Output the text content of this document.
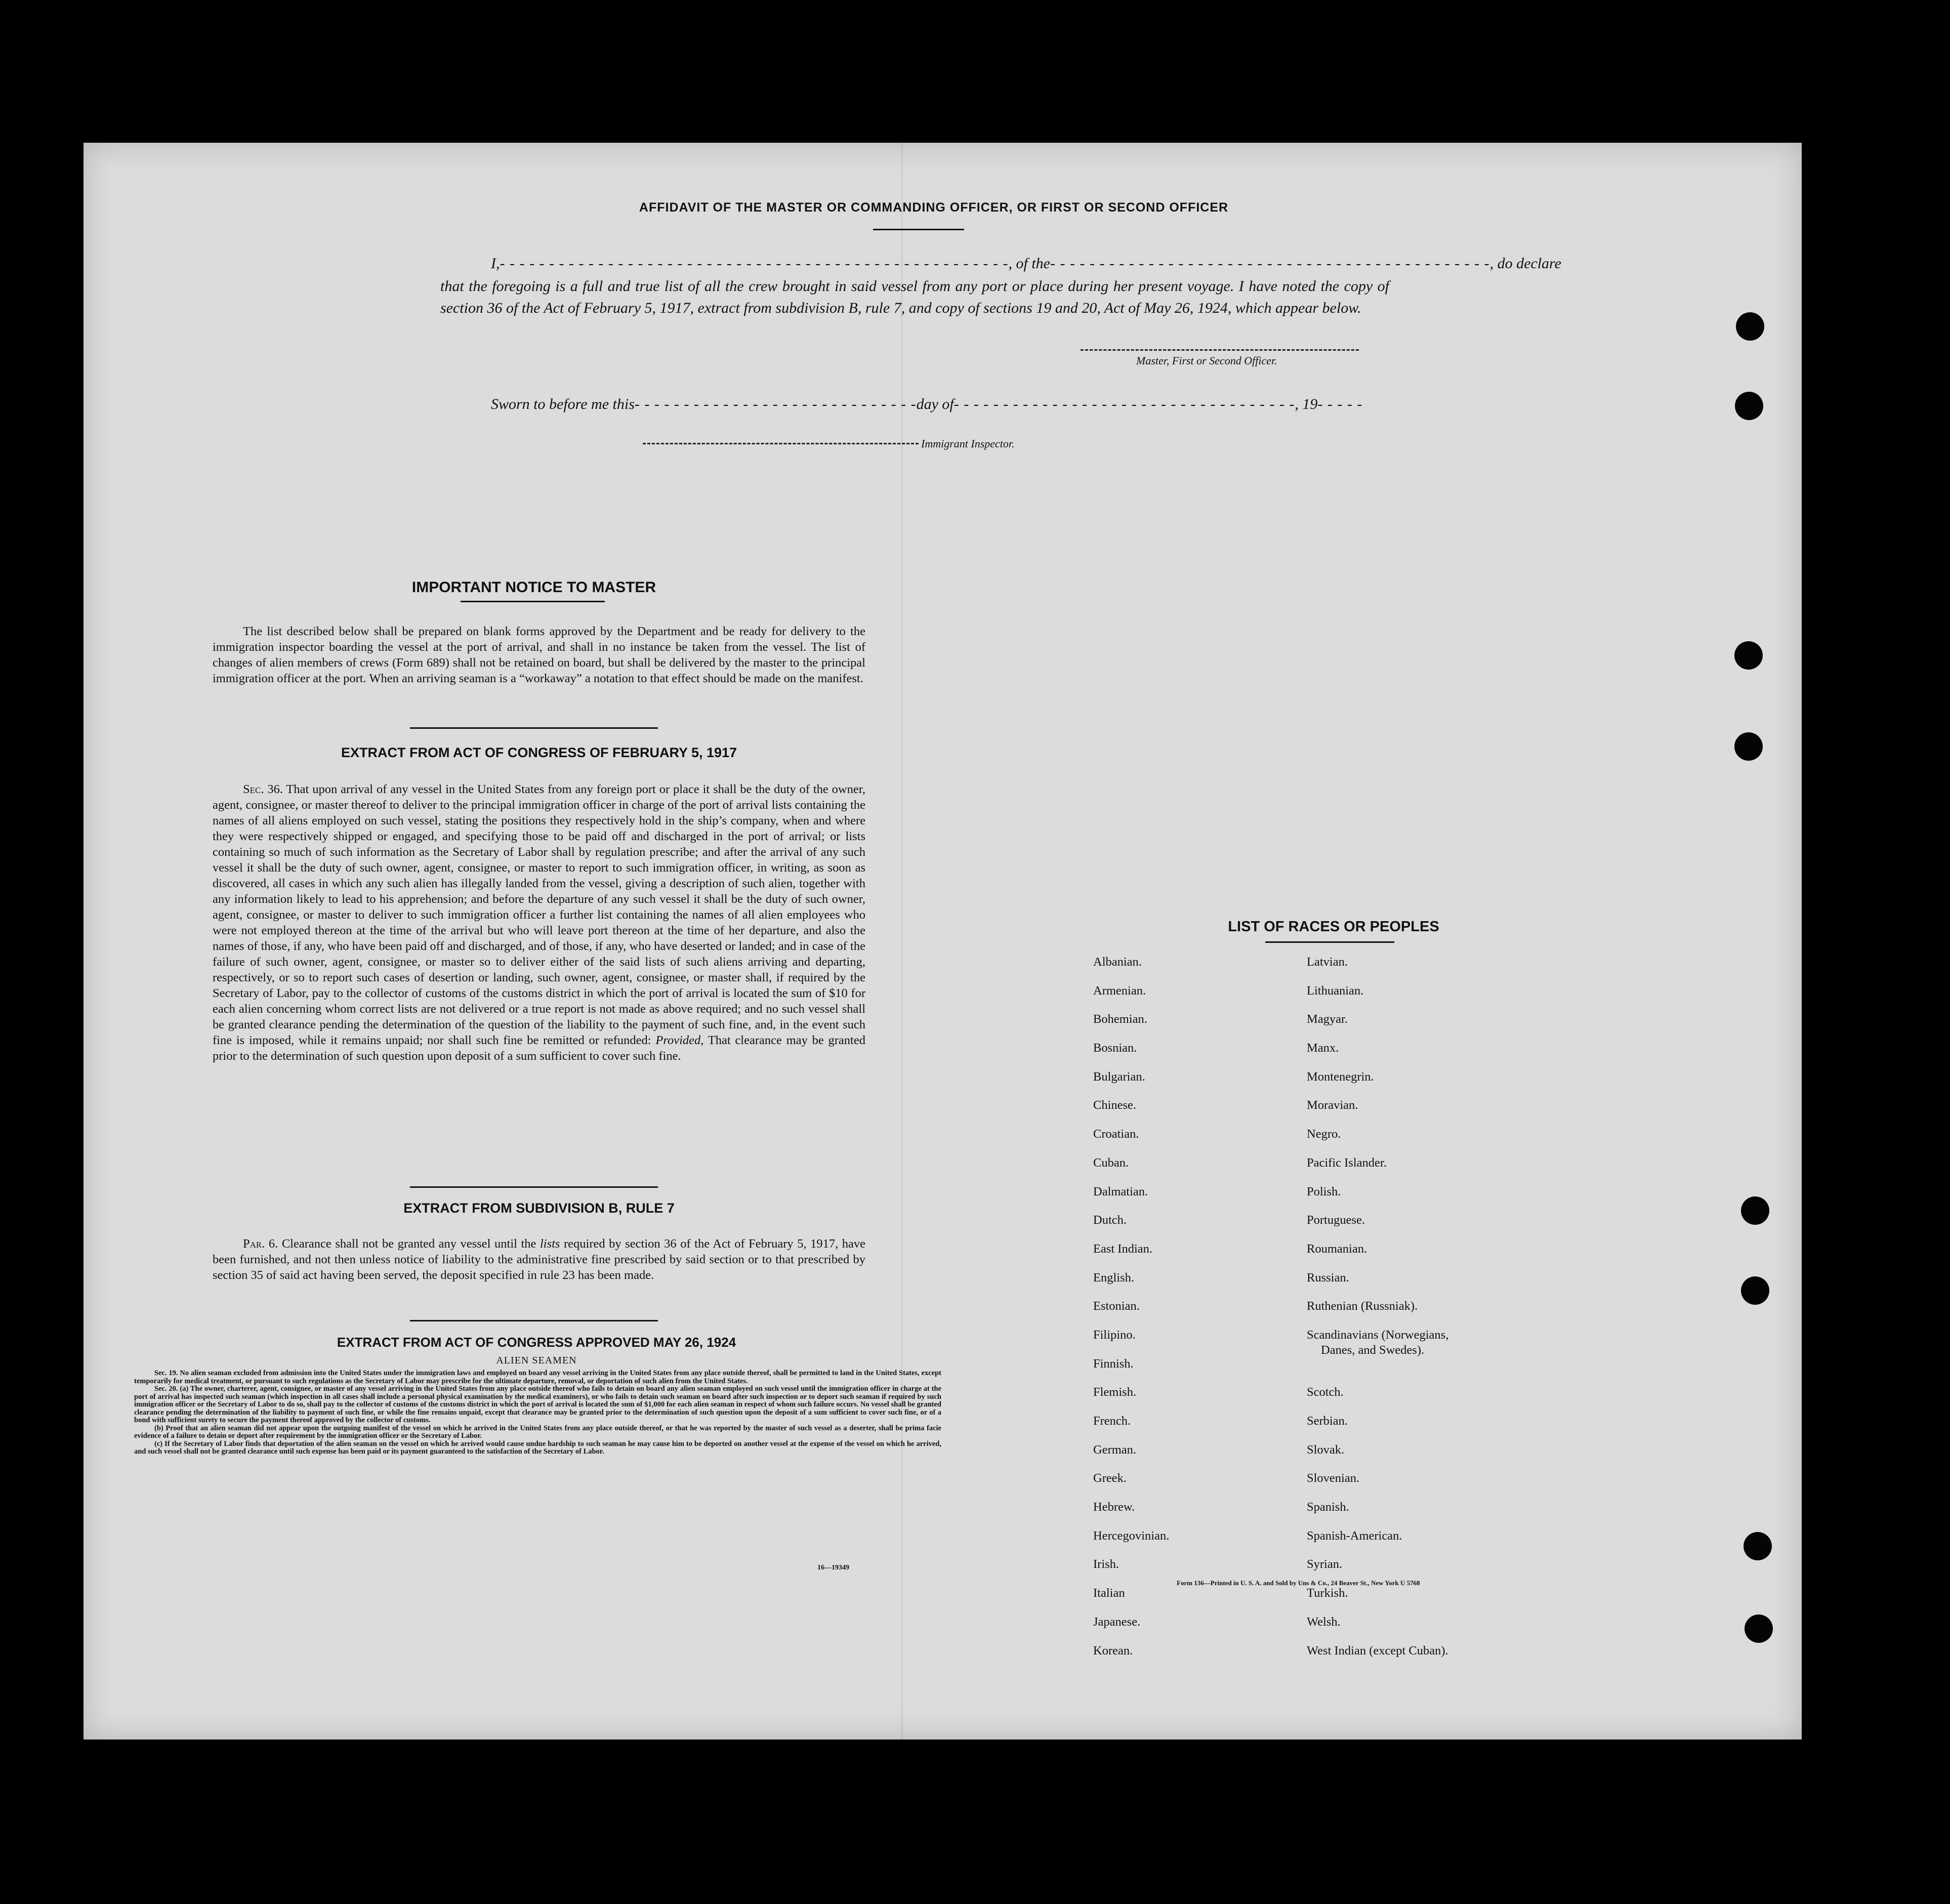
AFFIDAVIT OF THE MASTER OR COMMANDING OFFICER, OR FIRST OR SECOND OFFICER
I,- - - - - - - - - - - - - - - - - - - - - - - - - - - - - - - - - - - - - - - - - - - - - - - - - - - -, of the- - - - - - - - - - - - - - - - - - - - - - - - - - - - - - - - - - - - - - - - - - - - -, do declare
that the foregoing is a full and true list of all the crew brought in said vessel from any port or place during her present voyage. I have noted the copy of section 36 of the Act of February 5, 1917, extract from subdivision B, rule 7, and copy of sections 19 and 20, Act of May 26, 1924, which appear below.
Master, First or Second Officer.
Sworn to before me this- - - - - - - - - - - - - - - - - - - - - - - - - - - - -day of- - - - - - - - - - - - - - - - - - - - - - - - - - - - - - - - - - -, 19- - - - -
Immigrant Inspector.
IMPORTANT NOTICE TO MASTER
The list described below shall be prepared on blank forms approved by the Department and be ready for delivery to the immigration inspector boarding the vessel at the port of arrival, and shall in no instance be taken from the vessel. The list of changes of alien members of crews (Form 689) shall not be retained on board, but shall be delivered by the master to the principal immigration officer at the port. When an arriving seaman is a “workaway” a notation to that effect should be made on the manifest.
EXTRACT FROM ACT OF CONGRESS OF FEBRUARY 5, 1917
Sec. 36. That upon arrival of any vessel in the United States from any foreign port or place it shall be the duty of the owner, agent, consignee, or master thereof to deliver to the principal immigration officer in charge of the port of arrival lists containing the names of all aliens employed on such vessel, stating the positions they respectively hold in the ship’s company, when and where they were respectively shipped or engaged, and specifying those to be paid off and discharged in the port of arrival; or lists containing so much of such information as the Secretary of Labor shall by regulation prescribe; and after the arrival of any such vessel it shall be the duty of such owner, agent, consignee, or master to report to such immigration officer, in writing, as soon as discovered, all cases in which any such alien has illegally landed from the vessel, giving a description of such alien, together with any information likely to lead to his apprehension; and before the departure of any such vessel it shall be the duty of such owner, agent, consignee, or master to deliver to such immigration officer a further list containing the names of all alien employees who were not employed thereon at the time of the arrival but who will leave port thereon at the time of her departure, and also the names of those, if any, who have been paid off and discharged, and of those, if any, who have deserted or landed; and in case of the failure of such owner, agent, consignee, or master so to deliver either of the said lists of such aliens arriving and departing, respectively, or so to report such cases of desertion or landing, such owner, agent, consignee, or master shall, if required by the Secretary of Labor, pay to the collector of customs of the customs district in which the port of arrival is located the sum of $10 for each alien concerning whom correct lists are not delivered or a true report is not made as above required; and no such vessel shall be granted clearance pending the determination of the question of the liability to the payment of such fine, and, in the event such fine is imposed, while it remains unpaid; nor shall such fine be remitted or refunded: Provided, That clearance may be granted prior to the determination of such question upon deposit of a sum sufficient to cover such fine.
EXTRACT FROM SUBDIVISION B, RULE 7
Par. 6. Clearance shall not be granted any vessel until the lists required by section 36 of the Act of February 5, 1917, have been furnished, and not then unless notice of liability to the administrative fine prescribed by said section or to that prescribed by section 35 of said act having been served, the deposit specified in rule 23 has been made.
EXTRACT FROM ACT OF CONGRESS APPROVED MAY 26, 1924
ALIEN SEAMEN

Sec. 19. No alien seaman excluded from admission into the United States under the immigration laws and employed on board any vessel arriving in the United States from any place outside thereof, shall be permitted to land in the United States, except temporarily for medical treatment, or pursuant to such regulations as the Secretary of Labor may prescribe for the ultimate departure, removal, or deportation of such alien from the United States.

Sec. 20. (a) The owner, charterer, agent, consignee, or master of any vessel arriving in the United States from any place outside thereof who fails to detain on board any alien seaman employed on such vessel until the immigration officer in charge at the port of arrival has inspected such seaman (which inspection in all cases shall include a personal physical examination by the medical examiners), or who fails to detain such seaman on board after such inspection or to deport such seaman if required by such immigration officer or the Secretary of Labor to do so, shall pay to the collector of customs of the customs district in which the port of arrival is located the sum of $1,000 for each alien seaman in respect of whom such failure occurs. No vessel shall be granted clearance pending the determination of the liability to payment of such fine, or while the fine remains unpaid, except that clearance may be granted prior to the determination of such question upon the deposit of a sum sufficient to cover such fine, or of a bond with sufficient surety to secure the payment thereof approved by the collector of customs.

(b) Proof that an alien seaman did not appear upon the outgoing manifest of the vessel on which he arrived in the United States from any place outside thereof, or that he was reported by the master of such vessel as a deserter, shall be prima facie evidence of a failure to detain or deport after requirement by the immigration officer or the Secretary of Labor.

(c) If the Secretary of Labor finds that deportation of the alien seaman on the vessel on which he arrived would cause undue hardship to such seaman he may cause him to be deported on another vessel at the expense of the vessel on which he arrived, and such vessel shall not be granted clearance until such expense has been paid or its payment guaranteed to the satisfaction of the Secretary of Labor.

16—19349
LIST OF RACES OR PEOPLES
Albanian.
Armenian.
Bohemian.
Bosnian.
Bulgarian.
Chinese.
Croatian.
Cuban.
Dalmatian.
Dutch.
East Indian.
English.
Estonian.
Filipino.
Finnish.
Flemish.
French.
German.
Greek.
Hebrew.
Hercegovinian.
Irish.
Italian
Japanese.
Korean.
Latvian.
Lithuanian.
Magyar.
Manx.
Montenegrin.
Moravian.
Negro.
Pacific Islander.
Polish.
Portuguese.
Roumanian.
Russian.
Ruthenian (Russniak).
Scandinavians (Norwegians,
Danes, and Swedes).
Scotch.
Serbian.
Slovak.
Slovenian.
Spanish.
Spanish-American.
Syrian.
Turkish.
Welsh.
West Indian (except Cuban).
Form 136—Printed in U. S. A. and Sold by Uns & Co., 24 Beaver St., New York U 5768
